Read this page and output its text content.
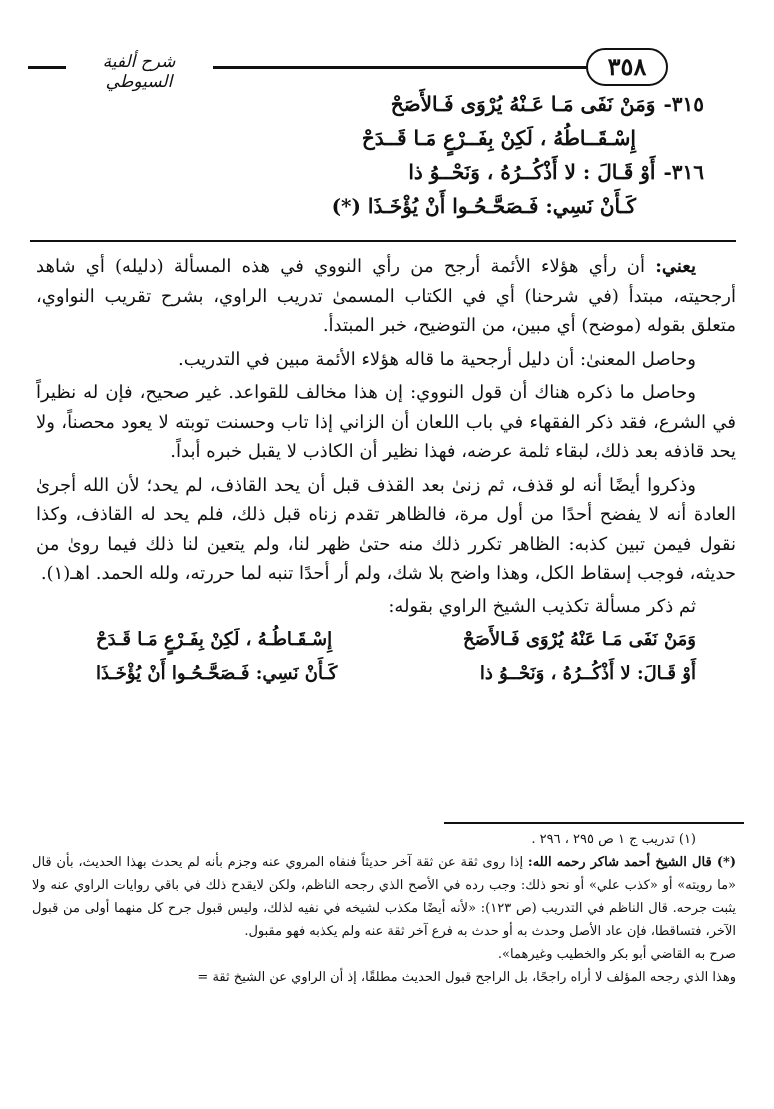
٣٥٨
شرح ألفية السيوطي
٣١٥-وَمَنْ نَفَى مَـا عَـنْهُ يُرْوَى فَـالأَصَحْ
إِسْـقَــاطُهُ ، لَكِنْ بِفَــرْعٍ مَـا قَــدَحْ
٣١٦-أَوْ قَـالَ : لا أَذْكُــرُهُ ، وَنَحْــوُ ذا
كَـأَنْ نَسِي: فَـصَحَّـحُـوا أَنْ يُؤْخَـذَا (*)

يعني: أن رأي هؤلاء الأئمة أرجح من رأي النووي في هذه المسألة (دليله) أي شاهد أرجحيته، مبتدأ (في شرحنا) أي في الكتاب المسمىٰ تدريب الراوي، بشرح تقريب النواوي، متعلق بقوله (موضح) أي مبين، من التوضيح، خبر المبتدأ.

وحاصل المعنىٰ: أن دليل أرجحية ما قاله هؤلاء الأئمة مبين في التدريب.

وحاصل ما ذكره هناك أن قول النووي: إن هذا مخالف للقواعد. غير صحيح، فإن له نظيراً في الشرع، فقد ذكر الفقهاء في باب اللعان أن الزاني إذا تاب وحسنت توبته لا يعود محصناً، ولا يحد قاذفه بعد ذلك، لبقاء ثلمة عرضه، فهذا نظير أن الكاذب لا يقبل خبره أبداً.

وذكروا أيضًا أنه لو قذف، ثم زنىٰ بعد القذف قبل أن يحد القاذف، لم يحد؛ لأن الله أجرىٰ العادة أنه لا يفضح أحدًا من أول مرة، فالظاهر تقدم زناه قبل ذلك، فلم يحد له القاذف، وكذا نقول فيمن تبين كذبه: الظاهر تكرر ذلك منه حتىٰ ظهر لنا، ولم يتعين لنا ذلك فيما روىٰ من حديثه، فوجب إسقاط الكل، وهذا واضح بلا شك، ولم أر أحدًا تنبه لما حررته، ولله الحمد. اهـ(١).

ثم ذكر مسألة تكذيب الشيخ الراوي بقوله:
وَمَنْ نَفَى مَـا عَنْهُ يُرْوَى فَـالأَصَحْ
إِسْـقَـاطُـهُ ، لَكِنْ بِفَـرْعٍ مَـا قَـدَحْ
أَوْ قَـالَ: لا أَذْكُــرُهُ ، وَنَحْــوُ ذا
كَـأَنْ نَسِي: فَـصَحَّـحُـوا أَنْ يُؤْخَـذَا

(١) تدريب ج ١ ص ٢٩٥ ، ٢٩٦ .

(*) قال الشيخ أحمد شاكر رحمه الله: إذا روى ثقة عن ثقة آخر حديثاً فنفاه المروي عنه وجزم بأنه لم يحدث بهذا الحديث، بأن قال «ما رويته» أو «كذب علي» أو نحو ذلك: وجب رده في الأصح الذي رجحه الناظم، ولكن لايقدح ذلك في باقي روايات الراوي عنه ولا يثبت جرحه. قال الناظم في التدريب (ص ١٢٣): «لأنه أيضًا مكذب لشيخه في نفيه لذلك، وليس قبول جرح كل منهما أولى من قبول الآخر، فتساقطا، فإن عاد الأصل وحدث به أو حدث به فرع آخر ثقة عنه ولم يكذبه فهو مقبول.

صرح به القاضي أبو بكر والخطيب وغيرهما».

وهذا الذي رجحه المؤلف لا أراه راجحًا، بل الراجح قبول الحديث مطلقًا، إذ أن الراوي عن الشيخ ثقة =
